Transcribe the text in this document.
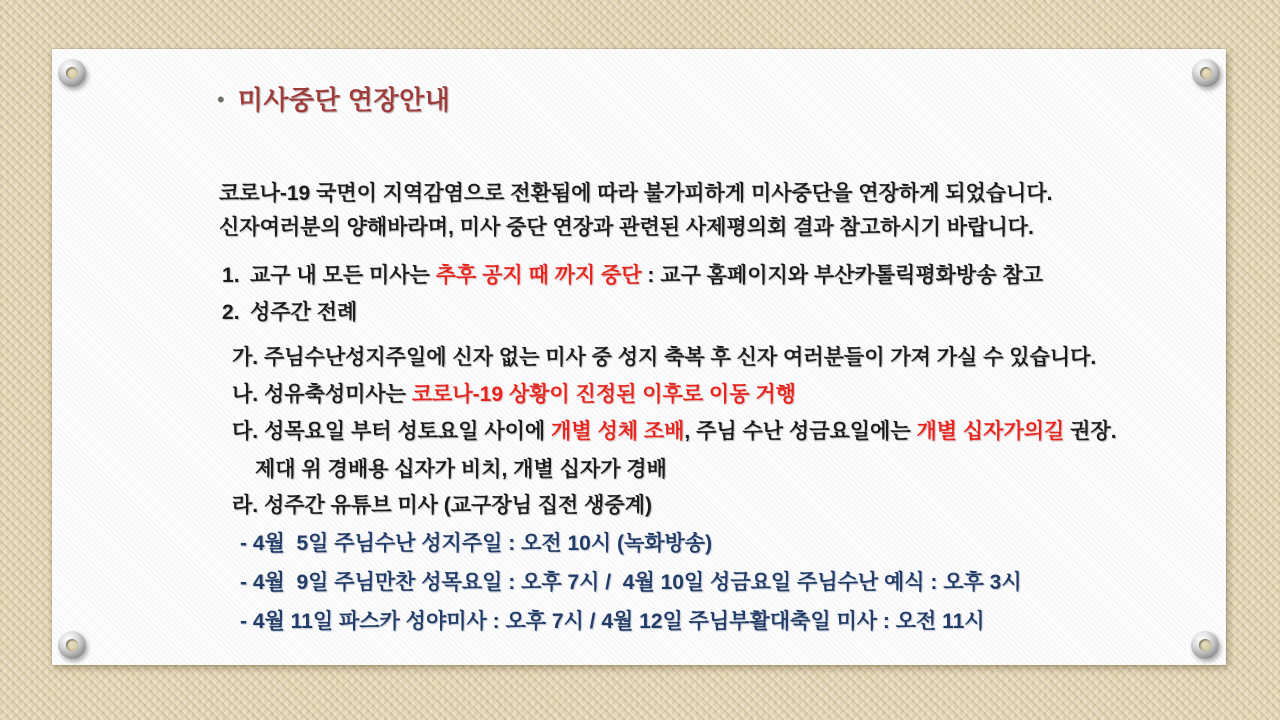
• 미사중단 연장안내

코로나-19 국면이 지역감염으로 전환됨에 따라 불가피하게 미사중단을 연장하게 되었습니다.

신자여러분의 양해바라며, 미사 중단 연장과 관련된 사제평의회 결과 참고하시기 바랍니다.

1. 교구 내 모든 미사는 추후 공지 때 까지 중단 : 교구 홈페이지와 부산카톨릭평화방송 참고

2. 성주간 전례

가. 주님수난성지주일에 신자 없는 미사 중 성지 축복 후 신자 여러분들이 가져 가실 수 있습니다.

나. 성유축성미사는 코로나-19 상황이 진정된 이후로 이동 거행

다. 성목요일 부터 성토요일 사이에 개별 성체 조배, 주님 수난 성금요일에는 개별 십자가의길 권장.

제대 위 경배용 십자가 비치, 개별 십자가 경배

라. 성주간 유튜브 미사 (교구장님 집전 생중계)

- 4월  5일 주님수난 성지주일 : 오전 10시 (녹화방송)

- 4월  9일 주님만찬 성목요일 : 오후 7시 /  4월 10일 성금요일 주님수난 예식 : 오후 3시

- 4월 11일 파스카 성야미사 : 오후 7시 / 4월 12일 주님부활대축일 미사 : 오전 11시
